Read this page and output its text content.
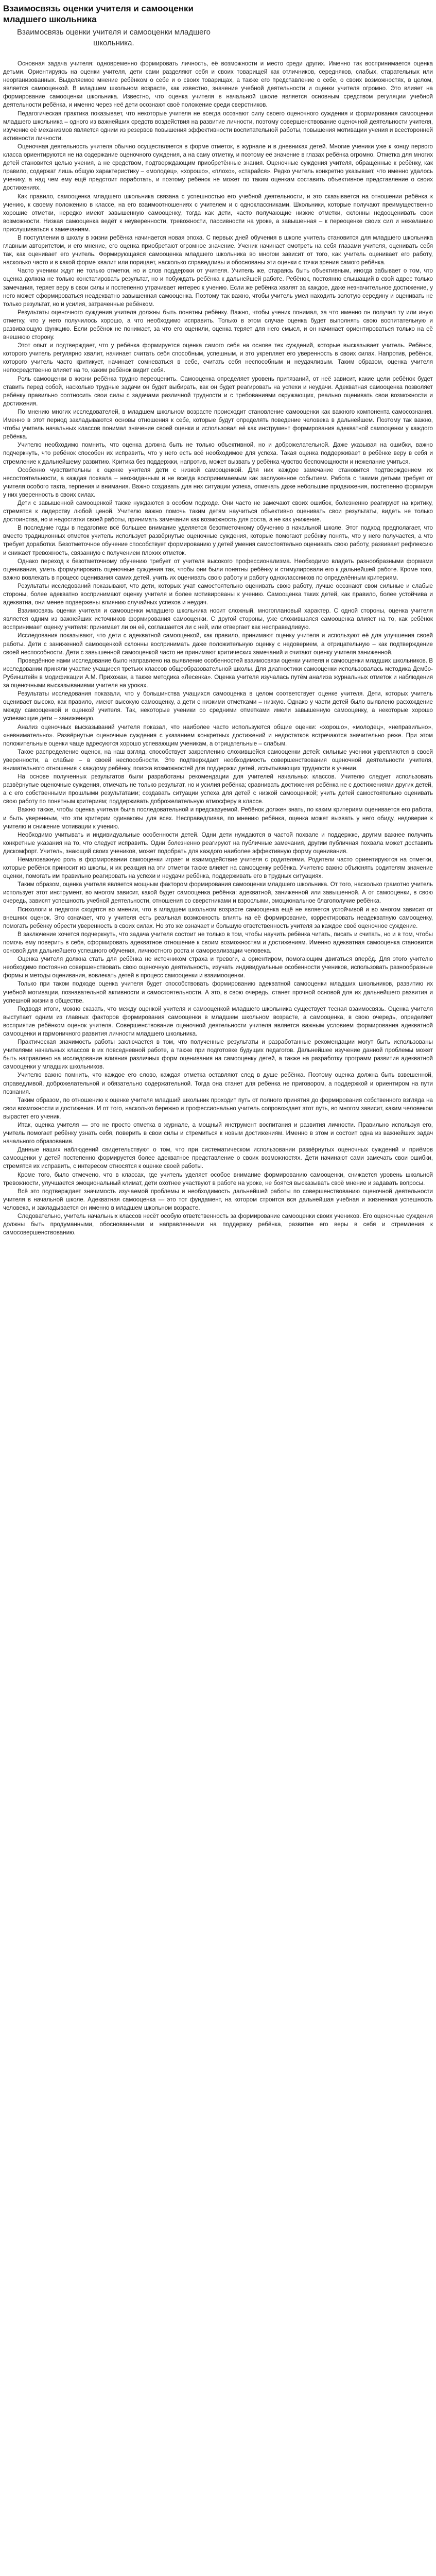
Взаимосвязь оценки учителя и самооценки младшего школьника
Взаимосвязь оценки учителя и самооценки младшего школьника.

Основная задача учителя: одновременно формировать личность, её возможности и место среди других. Именно так воспринимается оценка детьми. Ориентируясь на оценки учителя, дети сами разделяют себя и своих товарищей как отличников, середняков, слабых, старательных или неорганизованных. Выделяемое мнение ребёнком о себе и о своих товарищах, а также его представление о себе, о своих возможностях, в целом, является самооценкой. В младшем школьном возрасте, как известно, значение учебной деятельности и оценки учителя огромно. Это влияет на формирование самооценки школьника. Известно, что оценка учителя в начальной школе является основным средством регуляции учебной деятельности ребёнка, и именно через неё дети осознают своё положение среди сверстников.

Педагогическая практика показывает, что некоторые учителя не всегда осознают силу своего оценочного суждения и формирования самооценки младшего школьника – одного из важнейших средств воздействия на развитие личности, поэтому совершенствование оценочной деятельности учителя, изучение её механизмов является одним из резервов повышения эффективности воспитательной работы, повышения мотивации учения и всесторонней активности личности.

Оценочная деятельность учителя обычно осуществляется в форме отметок, в журнале и в дневниках детей. Многие ученики уже к концу первого класса ориентируются не на содержание оценочного суждения, а на саму отметку, и поэтому её значение в глазах ребёнка огромно. Отметка для многих детей становится целью учения, а не средством, подтверждающим приобретённые знания. Оценочные суждения учителя, обращённые к ребёнку, как правило, содержат лишь общую характеристику – «молодец», «хорошо», «плохо», «старайся». Редко учитель конкретно указывает, что именно удалось ученику, а над чем ему ещё предстоит поработать, и поэтому ребёнок не может по таким оценкам составить объективное представление о своих достижениях.

Как правило, самооценка младшего школьника связана с успешностью его учебной деятельности, и это сказывается на отношении ребёнка к учению, к своему положению в классе, на его взаимоотношениях с учителем и с одноклассниками. Школьники, которые получают преимущественно хорошие отметки, нередко имеют завышенную самооценку, тогда как дети, часто получающие низкие отметки, склонны недооценивать свои возможности. Низкая самооценка ведёт к неуверенности, тревожности, пассивности на уроке, а завышенная – к переоценке своих сил и нежеланию прислушиваться к замечаниям.

В поступлении в школу в жизни ребёнка начинается новая эпоха. С первых дней обучения в школе учитель становится для младшего школьника главным авторитетом, и его мнение, его оценка приобретают огромное значение. Ученик начинает смотреть на себя глазами учителя, оценивать себя так, как оценивает его учитель. Формирующаяся самооценка младшего школьника во многом зависит от того, как учитель оценивает его работу, насколько часто и в какой форме хвалит или порицает, насколько справедливы и обоснованы эти оценки с точки зрения самого ребёнка.

Часто ученики ждут не только отметки, но и слов поддержки от учителя. Учитель же, стараясь быть объективным, иногда забывает о том, что оценка должна не только констатировать результат, но и побуждать ребёнка к дальнейшей работе. Ребёнок, постоянно слышащий в свой адрес только замечания, теряет веру в свои силы и постепенно утрачивает интерес к учению. Если же ребёнка хвалят за каждое, даже незначительное достижение, у него может сформироваться неадекватно завышенная самооценка. Поэтому так важно, чтобы учитель умел находить золотую середину и оценивать не только результат, но и усилия, затраченные ребёнком.

Результаты оценочного суждения учителя должны быть понятны ребёнку. Важно, чтобы ученик понимал, за что именно он получил ту или иную отметку, что у него получилось хорошо, а что необходимо исправить. Только в этом случае оценка будет выполнять свою воспитательную и развивающую функцию. Если ребёнок не понимает, за что его оценили, оценка теряет для него смысл, и он начинает ориентироваться только на её внешнюю сторону.

Этот опыт и подтверждает, что у ребёнка формируется оценка самого себя на основе тех суждений, которые высказывает учитель. Ребёнок, которого учитель регулярно хвалит, начинает считать себя способным, успешным, и это укрепляет его уверенность в своих силах. Напротив, ребёнок, которого учитель часто критикует, начинает сомневаться в себе, считать себя неспособным и неудачливым. Таким образом, оценка учителя непосредственно влияет на то, каким ребёнок видит себя.

Роль самооценки в жизни ребёнка трудно переоценить. Самооценка определяет уровень притязаний, от неё зависит, какие цели ребёнок будет ставить перед собой, насколько трудные задачи он будет выбирать, как он будет реагировать на успехи и неудачи. Адекватная самооценка позволяет ребёнку правильно соотносить свои силы с задачами различной трудности и с требованиями окружающих, реально оценивать свои возможности и достижения.

По мнению многих исследователей, в младшем школьном возрасте происходит становление самооценки как важного компонента самосознания. Именно в этот период закладываются основы отношения к себе, которые будут определять поведение человека в дальнейшем. Поэтому так важно, чтобы учитель начальных классов понимал значение своей оценки и использовал её как инструмент формирования адекватной самооценки у каждого ребёнка.

Учителю необходимо помнить, что оценка должна быть не только объективной, но и доброжелательной. Даже указывая на ошибки, важно подчеркнуть, что ребёнок способен их исправить, что у него есть всё необходимое для успеха. Такая оценка поддерживает в ребёнке веру в себя и стремление к дальнейшему развитию. Критика без поддержки, напротив, может вызвать у ребёнка чувство беспомощности и нежелание учиться.

Особенно чувствительны к оценке учителя дети с низкой самооценкой. Для них каждое замечание становится подтверждением их несостоятельности, а каждая похвала – неожиданным и не всегда воспринимаемым как заслуженное событием. Работа с такими детьми требует от учителя особого такта, терпения и внимания. Важно создавать для них ситуации успеха, отмечать даже небольшие продвижения, постепенно формируя у них уверенность в своих силах.

Дети с завышенной самооценкой также нуждаются в особом подходе. Они часто не замечают своих ошибок, болезненно реагируют на критику, стремятся к лидерству любой ценой. Учителю важно помочь таким детям научиться объективно оценивать свои результаты, видеть не только достоинства, но и недостатки своей работы, принимать замечания как возможность для роста, а не как унижение.

В последние годы в педагогике всё большее внимание уделяется безотметочному обучению в начальной школе. Этот подход предполагает, что вместо традиционных отметок учитель использует развёрнутые оценочные суждения, которые помогают ребёнку понять, что у него получается, а что требует доработки. Безотметочное обучение способствует формированию у детей умения самостоятельно оценивать свою работу, развивает рефлексию и снижает тревожность, связанную с получением плохих отметок.

Однако переход к безотметочному обучению требует от учителя высокого профессионализма. Необходимо владеть разнообразными формами оценивания, уметь формулировать оценочные суждения так, чтобы они были понятны ребёнку и стимулировали его к дальнейшей работе. Кроме того, важно вовлекать в процесс оценивания самих детей, учить их оценивать свою работу и работу одноклассников по определённым критериям.

Результаты исследований показывают, что дети, которых учат самостоятельно оценивать свою работу, лучше осознают свои сильные и слабые стороны, более адекватно воспринимают оценку учителя и более мотивированы к учению. Самооценка таких детей, как правило, более устойчива и адекватна, они менее подвержены влиянию случайных успехов и неудач.

Взаимосвязь оценки учителя и самооценки младшего школьника носит сложный, многоплановый характер. С одной стороны, оценка учителя является одним из важнейших источников формирования самооценки. С другой стороны, уже сложившаяся самооценка влияет на то, как ребёнок воспринимает оценку учителя: принимает ли он её, соглашается ли с ней, или отвергает как несправедливую.

Исследования показывают, что дети с адекватной самооценкой, как правило, принимают оценку учителя и используют её для улучшения своей работы. Дети с заниженной самооценкой склонны воспринимать даже положительную оценку с недоверием, а отрицательную – как подтверждение своей неспособности. Дети с завышенной самооценкой часто не принимают критических замечаний и считают оценку учителя заниженной.

Проведённое нами исследование было направлено на выявление особенностей взаимосвязи оценки учителя и самооценки младших школьников. В исследовании приняли участие учащиеся третьих классов общеобразовательной школы. Для диагностики самооценки использовалась методика Дембо-Рубинштейн в модификации А.М. Прихожан, а также методика «Лесенка». Оценка учителя изучалась путём анализа журнальных отметок и наблюдения за оценочными высказываниями учителя на уроках.

Результаты исследования показали, что у большинства учащихся самооценка в целом соответствует оценке учителя. Дети, которых учитель оценивает высоко, как правило, имеют высокую самооценку, а дети с низкими отметками – низкую. Однако у части детей было выявлено расхождение между самооценкой и оценкой учителя. Так, некоторые ученики со средними отметками имели завышенную самооценку, а некоторые хорошо успевающие дети – заниженную.

Анализ оценочных высказываний учителя показал, что наиболее часто используются общие оценки: «хорошо», «молодец», «неправильно», «невнимательно». Развёрнутые оценочные суждения с указанием конкретных достижений и недостатков встречаются значительно реже. При этом положительные оценки чаще адресуются хорошо успевающим ученикам, а отрицательные – слабым.

Такое распределение оценок, на наш взгляд, способствует закреплению сложившейся самооценки детей: сильные ученики укрепляются в своей уверенности, а слабые – в своей неспособности. Это подтверждает необходимость совершенствования оценочной деятельности учителя, внимательного отношения к каждому ребёнку, поиска возможностей для поддержки детей, испытывающих трудности в учении.

На основе полученных результатов были разработаны рекомендации для учителей начальных классов. Учителю следует использовать развёрнутые оценочные суждения, отмечать не только результат, но и усилия ребёнка; сравнивать достижения ребёнка не с достижениями других детей, а с его собственными прошлыми результатами; создавать ситуации успеха для детей с низкой самооценкой; учить детей самостоятельно оценивать свою работу по понятным критериям; поддерживать доброжелательную атмосферу в классе.

Важно также, чтобы оценка учителя была последовательной и предсказуемой. Ребёнок должен знать, по каким критериям оценивается его работа, и быть уверенным, что эти критерии одинаковы для всех. Несправедливая, по мнению ребёнка, оценка может вызвать у него обиду, недоверие к учителю и снижение мотивации к учению.

Необходимо учитывать и индивидуальные особенности детей. Одни дети нуждаются в частой похвале и поддержке, другим важнее получить конкретные указания на то, что следует исправить. Одни болезненно реагируют на публичные замечания, другим публичная похвала может доставить дискомфорт. Учитель, знающий своих учеников, может подобрать для каждого наиболее эффективную форму оценивания.

Немаловажную роль в формировании самооценки играет и взаимодействие учителя с родителями. Родители часто ориентируются на отметки, которые ребёнок приносит из школы, и их реакция на эти отметки также влияет на самооценку ребёнка. Учителю важно объяснять родителям значение оценки, помогать им правильно реагировать на успехи и неудачи ребёнка, поддерживать его в трудных ситуациях.

Таким образом, оценка учителя является мощным фактором формирования самооценки младшего школьника. От того, насколько грамотно учитель использует этот инструмент, во многом зависит, какой будет самооценка ребёнка: адекватной, заниженной или завышенной. А от самооценки, в свою очередь, зависят успешность учебной деятельности, отношения со сверстниками и взрослыми, эмоциональное благополучие ребёнка.

Психологи и педагоги сходятся во мнении, что в младшем школьном возрасте самооценка ещё не является устойчивой и во многом зависит от внешних оценок. Это означает, что у учителя есть реальная возможность влиять на её формирование, корректировать неадекватную самооценку, помогать ребёнку обрести уверенность в своих силах. Но это же означает и большую ответственность учителя за каждое своё оценочное суждение.

В заключение хочется подчеркнуть, что задача учителя состоит не только в том, чтобы научить ребёнка читать, писать и считать, но и в том, чтобы помочь ему поверить в себя, сформировать адекватное отношение к своим возможностям и достижениям. Именно адекватная самооценка становится основой для дальнейшего успешного обучения, личностного роста и самореализации человека.

Оценка учителя должна стать для ребёнка не источником страха и тревоги, а ориентиром, помогающим двигаться вперёд. Для этого учителю необходимо постоянно совершенствовать свою оценочную деятельность, изучать индивидуальные особенности учеников, использовать разнообразные формы и методы оценивания, вовлекать детей в процесс самооценки и взаимооценки.

Только при таком подходе оценка учителя будет способствовать формированию адекватной самооценки младших школьников, развитию их учебной мотивации, познавательной активности и самостоятельности. А это, в свою очередь, станет прочной основой для их дальнейшего развития и успешной жизни в обществе.

Подводя итоги, можно сказать, что между оценкой учителя и самооценкой младшего школьника существует тесная взаимосвязь. Оценка учителя выступает одним из главных факторов формирования самооценки в младшем школьном возрасте, а самооценка, в свою очередь, определяет восприятие ребёнком оценок учителя. Совершенствование оценочной деятельности учителя является важным условием формирования адекватной самооценки и гармоничного развития личности младшего школьника.

Практическая значимость работы заключается в том, что полученные результаты и разработанные рекомендации могут быть использованы учителями начальных классов в их повседневной работе, а также при подготовке будущих педагогов. Дальнейшее изучение данной проблемы может быть направлено на исследование влияния различных форм оценивания на самооценку детей, а также на разработку программ развития адекватной самооценки у младших школьников.

Учителю важно помнить, что каждое его слово, каждая отметка оставляют след в душе ребёнка. Поэтому оценка должна быть взвешенной, справедливой, доброжелательной и обязательно содержательной. Тогда она станет для ребёнка не приговором, а поддержкой и ориентиром на пути познания.

Таким образом, по отношению к оценке учителя младший школьник проходит путь от полного принятия до формирования собственного взгляда на свои возможности и достижения. И от того, насколько бережно и профессионально учитель сопровождает этот путь, во многом зависит, каким человеком вырастет его ученик.

Итак, оценка учителя — это не просто отметка в журнале, а мощный инструмент воспитания и развития личности. Правильно используя его, учитель помогает ребёнку узнать себя, поверить в свои силы и стремиться к новым достижениям. Именно в этом и состоит одна из важнейших задач начального образования.

Данные наших наблюдений свидетельствуют о том, что при систематическом использовании развёрнутых оценочных суждений и приёмов самооценки у детей постепенно формируется более адекватное представление о своих возможностях. Дети начинают сами замечать свои ошибки, стремятся их исправить, с интересом относятся к оценке своей работы.

Кроме того, было отмечено, что в классах, где учитель уделяет особое внимание формированию самооценки, снижается уровень школьной тревожности, улучшается эмоциональный климат, дети охотнее участвуют в работе на уроке, не боятся высказывать своё мнение и задавать вопросы.

Всё это подтверждает значимость изучаемой проблемы и необходимость дальнейшей работы по совершенствованию оценочной деятельности учителя в начальной школе. Адекватная самооценка — это тот фундамент, на котором строится вся дальнейшая учебная и жизненная успешность человека, и закладывается он именно в младшем школьном возрасте.

Следовательно, учитель начальных классов несёт особую ответственность за формирование самооценки своих учеников. Его оценочные суждения должны быть продуманными, обоснованными и направленными на поддержку ребёнка, развитие его веры в себя и стремления к самосовершенствованию.
